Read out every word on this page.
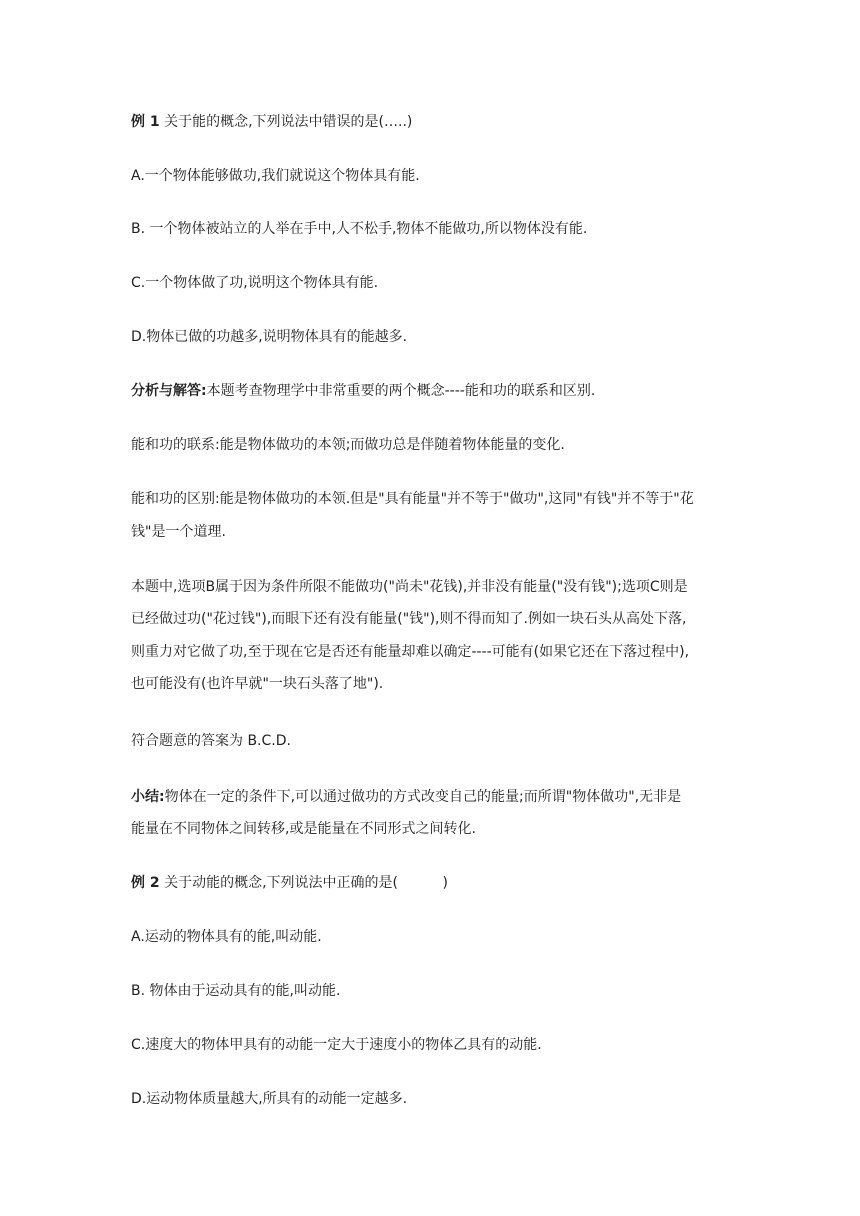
例 1 关于能的概念,下列说法中错误的是(…..)
A.一个物体能够做功,我们就说这个物体具有能.
B. 一个物体被站立的人举在手中,人不松手,物体不能做功,所以物体没有能.
C.一个物体做了功,说明这个物体具有能.
D.物体已做的功越多,说明物体具有的能越多.
分析与解答:本题考查物理学中非常重要的两个概念----能和功的联系和区别.
能和功的联系:能是物体做功的本领;而做功总是伴随着物体能量的变化.
能和功的区别:能是物体做功的本领.但是"具有能量"并不等于"做功",这同"有钱"并不等于"花
钱"是一个道理.
本题中,选项B属于因为条件所限不能做功("尚未"花钱),并非没有能量("没有钱");选项C则是
已经做过功("花过钱"),而眼下还有没有能量("钱"),则不得而知了.例如一块石头从高处下落,
则重力对它做了功,至于现在它是否还有能量却难以确定----可能有(如果它还在下落过程中),
也可能没有(也许早就"一块石头落了地").
符合题意的答案为 B.C.D.
小结:物体在一定的条件下,可以通过做功的方式改变自己的能量;而所谓"物体做功",无非是
能量在不同物体之间转移,或是能量在不同形式之间转化.
例 2 关于动能的概念,下列说法中正确的是(          )
A.运动的物体具有的能,叫动能.
B. 物体由于运动具有的能,叫动能.
C.速度大的物体甲具有的动能一定大于速度小的物体乙具有的动能.
D.运动物体质量越大,所具有的动能一定越多.
